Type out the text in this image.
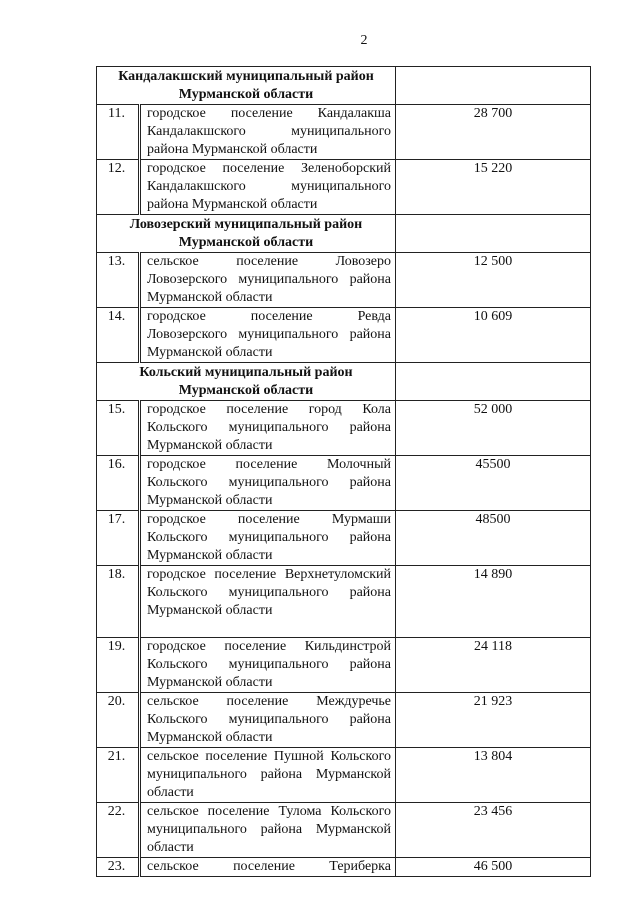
2
Кандалакшский муниципальный район Мурманской области		
11.	городское поселение Кандалакша Кандалакшского муниципального района Мурманской области	28 700
12.	городское поселение Зеленоборский Кандалакшского муниципального района Мурманской области	15 220
Ловозерский муниципальный район Мурманской области		
13.	сельское поселение Ловозеро Ловозерского муниципального района Мурманской области	12 500
14.	городское поселение Ревда Ловозерского муниципального района Мурманской области	10 609
Кольский муниципальный район Мурманской области		
15.	городское поселение город Кола Кольского муниципального района Мурманской области	52 000
16.	городское поселение Молочный Кольского муниципального района Мурманской области	45500
17.	городское поселение Мурмаши Кольского муниципального района Мурманской области	48500
18.	городское поселение Верхнетуломский Кольского муниципального района Мурманской области	14 890
19.	городское поселение Кильдинстрой Кольского муниципального района Мурманской области	24 118
20.	сельское поселение Междуречье Кольского муниципального района Мурманской области	21 923
21.	сельское поселение Пушной Кольского муниципального района Мурманской области	13 804
22.	сельское поселение Тулома Кольского муниципального района Мурманской области	23 456
23.	сельское поселение Териберка	46 500
